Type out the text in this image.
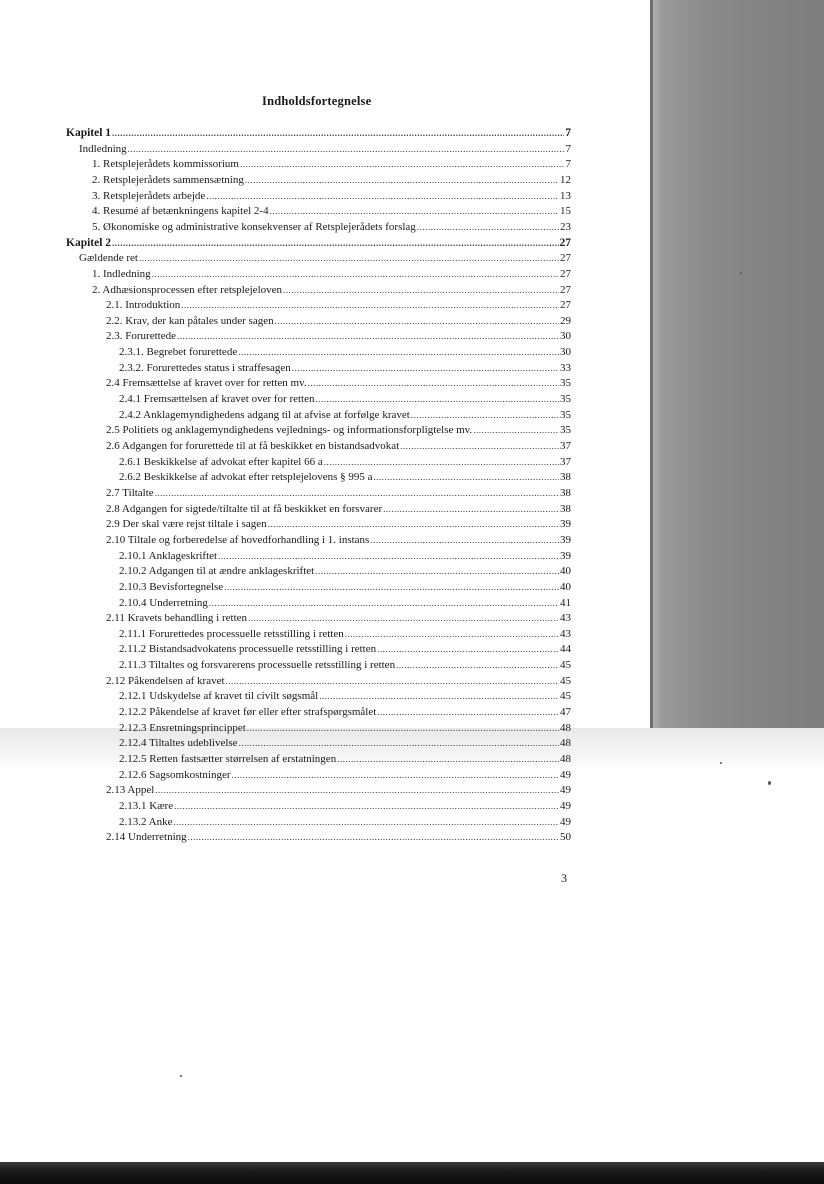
Indholdsfortegnelse
Kapitel 1 .....	7
Indledning .....	7
1. Retsplejerådets kommissorium .....	7
2. Retsplejerådets sammensætning .....	12
3. Retsplejerådets arbejde .....	13
4. Resumé af betænkningens kapitel 2-4 .....	15
5. Økonomiske og administrative konsekvenser af Retsplejerådets forslag .....	23
Kapitel 2 .....	27
Gældende ret .....	27
1. Indledning .....	27
2. Adhæsionsprocessen efter retsplejeloven .....	27
2.1. Introduktion .....	27
2.2. Krav, der kan påtales under sagen .....	29
2.3. Forurettede .....	30
2.3.1. Begrebet forurettede .....	30
2.3.2. Forurettedes status i straffesagen .....	33
2.4 Fremsættelse af kravet over for retten mv. .....	35
2.4.1 Fremsættelsen af kravet over for retten .....	35
2.4.2 Anklagemyndighedens adgang til at afvise at forfølge kravet .....	35
2.5 Politiets og anklagemyndighedens vejlednings- og informationsforpligtelse mv. .....	35
2.6 Adgangen for forurettede til at få beskikket en bistandsadvokat .....	37
2.6.1 Beskikkelse af advokat efter kapitel 66 a .....	37
2.6.2 Beskikkelse af advokat efter retsplejelovens § 995 a .....	38
2.7 Tiltalte .....	38
2.8 Adgangen for sigtede/tiltalte til at få beskikket en forsvarer .....	38
2.9 Der skal være rejst tiltale i sagen .....	39
2.10 Tiltale og forberedelse af hovedforhandling i 1. instans .....	39
2.10.1 Anklageskriftet .....	39
2.10.2 Adgangen til at ændre anklageskriftet .....	40
2.10.3 Bevisfortegnelse .....	40
2.10.4 Underretning .....	41
2.11 Kravets behandling i retten .....	43
2.11.1 Forurettedes processuelle retsstilling i retten .....	43
2.11.2 Bistandsadvokatens processuelle retsstilling i retten .....	44
2.11.3 Tiltaltes og forsvarerens processuelle retsstilling i retten .....	45
2.12 Påkendelsen af kravet .....	45
2.12.1 Udskydelse af kravet til civilt søgsmål .....	45
2.12.2 Påkendelse af kravet før eller efter strafspørgsmålet .....	47
2.12.3 Ensretningsprincippet .....	48
2.12.4 Tiltaltes udeblivelse .....	48
2.12.5 Retten fastsætter størrelsen af erstatningen .....	48
2.12.6 Sagsomkostninger .....	49
2.13 Appel .....	49
2.13.1 Kære .....	49
2.13.2 Anke .....	49
2.14 Underretning .....	50
3
